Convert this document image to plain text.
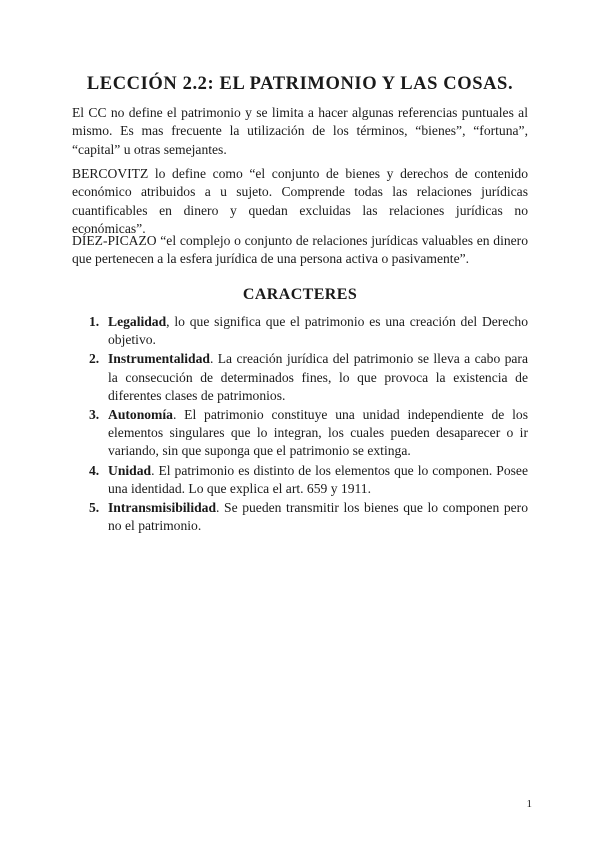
LECCIÓN 2.2: EL PATRIMONIO Y LAS COSAS.

El CC no define el patrimonio y se limita a hacer algunas referencias puntuales al mismo. Es mas frecuente la utilización de los términos, “bienes”, “fortuna”, “capital” u otras semejantes.

BERCOVITZ lo define como “el conjunto de bienes y derechos de contenido económico atribuidos a u sujeto. Comprende todas las relaciones jurídicas cuantificables en dinero y quedan excluidas las relaciones jurídicas no económicas”.

DÍEZ-PICAZO “el complejo o conjunto de relaciones jurídicas valuables en dinero que pertenecen a la esfera jurídica de una persona activa o pasivamente”.

CARACTERES
1. Legalidad, lo que significa que el patrimonio es una creación del Derecho objetivo.
2. Instrumentalidad. La creación jurídica del patrimonio se lleva a cabo para la consecución de determinados fines, lo que provoca la existencia de diferentes clases de patrimonios.
3. Autonomía. El patrimonio constituye una unidad independiente de los elementos singulares que lo integran, los cuales pueden desaparecer o ir variando, sin que suponga que el patrimonio se extinga.
4. Unidad. El patrimonio es distinto de los elementos que lo componen. Posee una identidad. Lo que explica el art. 659 y 1911.
5. Intransmisibilidad. Se pueden transmitir los bienes que lo componen pero no el patrimonio.
1
